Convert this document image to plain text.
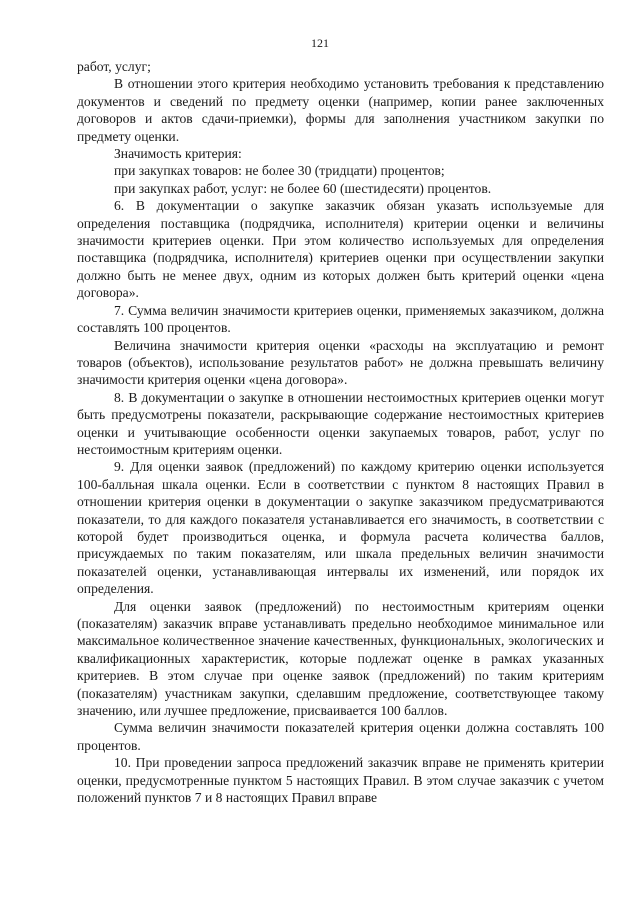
121

работ, услуг;

В отношении этого критерия необходимо установить требования к представлению документов и сведений по предмету оценки (например, копии ранее заключенных договоров и актов сдачи-приемки), формы для заполнения участником закупки по предмету оценки.

Значимость критерия:

при закупках товаров: не более 30 (тридцати) процентов;

при закупках работ, услуг: не более 60 (шестидесяти) процентов.

6. В документации о закупке заказчик обязан указать используемые для определения поставщика (подрядчика, исполнителя) критерии оценки и величины значимости критериев оценки. При этом количество используемых для определения поставщика (подрядчика, исполнителя) критериев оценки при осуществлении закупки должно быть не менее двух, одним из которых должен быть критерий оценки «цена договора».

7. Сумма величин значимости критериев оценки, применяемых заказчиком, должна составлять 100 процентов.

Величина значимости критерия оценки «расходы на эксплуатацию и ремонт товаров (объектов), использование результатов работ» не должна превышать величину значимости критерия оценки «цена договора».

8. В документации о закупке в отношении нестоимостных критериев оценки могут быть предусмотрены показатели, раскрывающие содержание нестоимостных критериев оценки и учитывающие особенности оценки закупаемых товаров, работ, услуг по нестоимостным критериям оценки.

9. Для оценки заявок (предложений) по каждому критерию оценки используется 100-балльная шкала оценки. Если в соответствии с пунктом 8 настоящих Правил в отношении критерия оценки в документации о закупке заказчиком предусматриваются показатели, то для каждого показателя устанавливается его значимость, в соответствии с которой будет производиться оценка, и формула расчета количества баллов, присуждаемых по таким показателям, или шкала предельных величин значимости показателей оценки, устанавливающая интервалы их изменений, или порядок их определения.

Для оценки заявок (предложений) по нестоимостным критериям оценки (показателям) заказчик вправе устанавливать предельно необходимое минимальное или максимальное количественное значение качественных, функциональных, экологических и квалификационных характеристик, которые подлежат оценке в рамках указанных критериев. В этом случае при оценке заявок (предложений) по таким критериям (показателям) участникам закупки, сделавшим предложение, соответствующее такому значению, или лучшее предложение, присваивается 100 баллов.

Сумма величин значимости показателей критерия оценки должна составлять 100 процентов.

10. При проведении запроса предложений заказчик вправе не применять критерии оценки, предусмотренные пунктом 5 настоящих Правил. В этом случае заказчик с учетом положений пунктов 7 и 8 настоящих Правил вправе
